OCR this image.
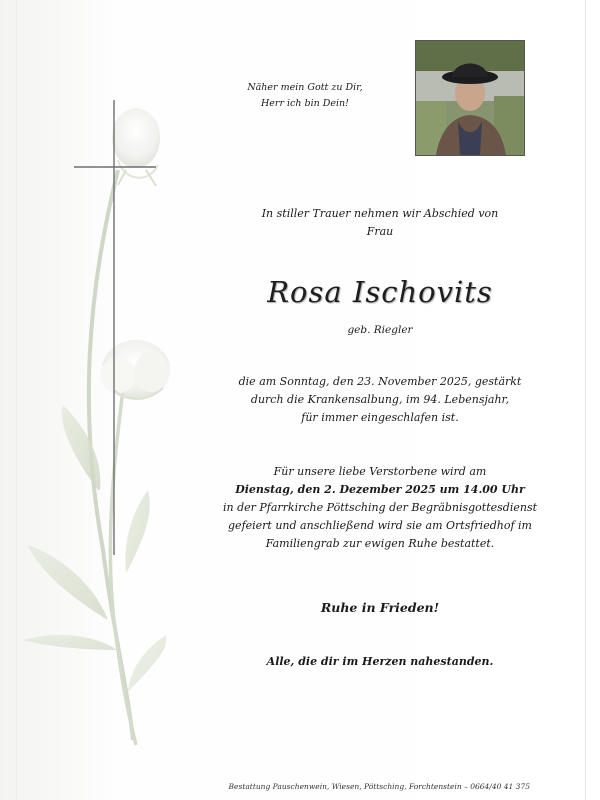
Näher mein Gott zu Dir,
Herr ich bin Dein!
In stiller Trauer nehmen wir Abschied von
Frau
Rosa Ischovits
geb. Riegler
die am Sonntag, den 23. November 2025, gestärkt
durch die Krankensalbung, im 94. Lebensjahr,
für immer eingeschlafen ist.
Für unsere liebe Verstorbene wird am
Dienstag, den 2. Dezember 2025 um 14.00 Uhr
in der Pfarrkirche Pöttsching der Begräbnisgottesdienst
gefeiert und anschließend wird sie am Ortsfriedhof im
Familiengrab zur ewigen Ruhe bestattet.
Ruhe in Frieden!
Alle, die dir im Herzen nahestanden.
Bestattung Pauschenwein, Wiesen, Pöttsching, Forchtenstein – 0664/40 41 375
